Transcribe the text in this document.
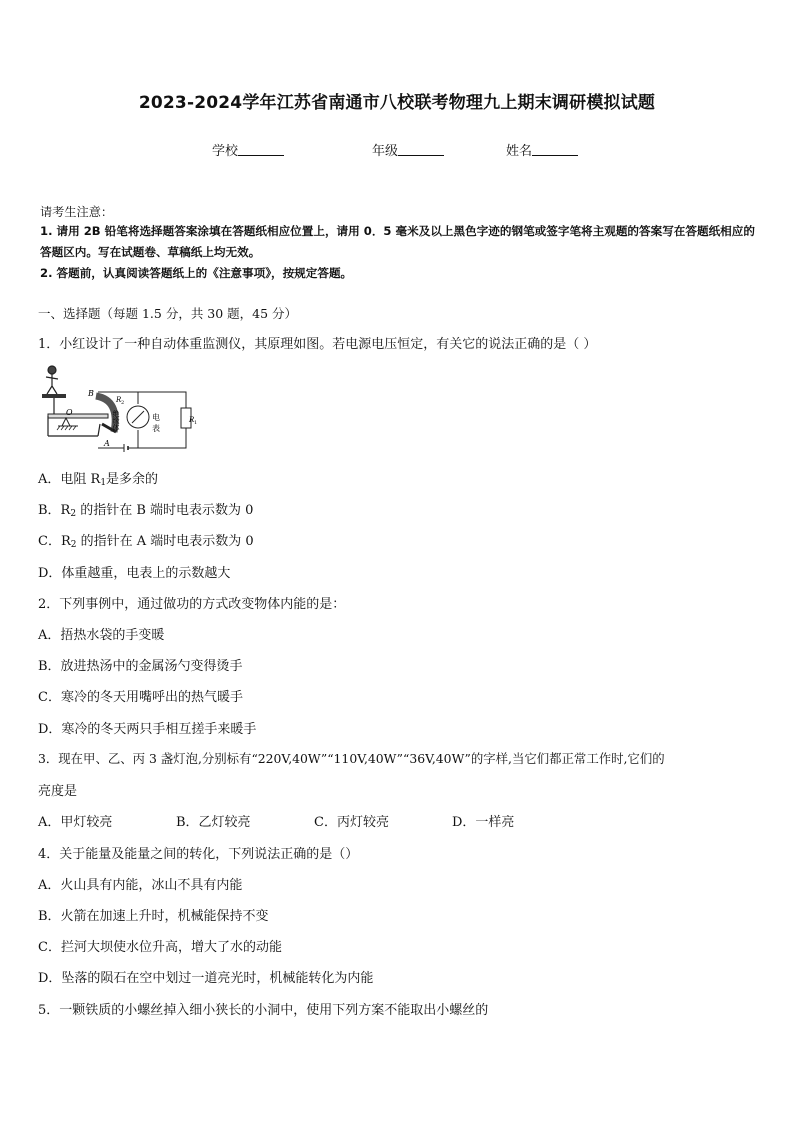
2023-2024学年江苏省南通市八校联考物理九上期末调研模拟试题
学校	年级	姓名
请考生注意：
1. 请用 2B 铅笔将选择题答案涂填在答题纸相应位置上，请用 0．5 毫米及以上黑色字迹的钢笔或签字笔将主观题的答案写在答题纸相应的答题区内。写在试题卷、草稿纸上均无效。
2. 答题前，认真阅读答题纸上的《注意事项》，按规定答题。
一、选择题（每题 1.5 分，共 30 题，45 分）
1．小红设计了一种自动体重监测仪，其原理如图。若电源电压恒定，有关它的说法正确的是（ ）
B
O
A
R 2
绝缘体	电
表
R 1
A．电阻 $R_1$是多余的
B．$R_2$ 的指针在 B 端时电表示数为 0
C．$R_2$ 的指针在 A 端时电表示数为 0
D．体重越重，电表上的示数越大
2．下列事例中，通过做功的方式改变物体内能的是：
A．捂热水袋的手变暖
B．放进热汤中的金属汤勺变得烫手
C．寒冷的冬天用嘴呼出的热气暖手
D．寒冷的冬天两只手相互搓手来暖手
3．现在甲、乙、丙 3 盏灯泡,分别标有“220V,40W”“110V,40W”“36V,40W”的字样,当它们都正常工作时,它们的
亮度是
A．甲灯较亮	B．乙灯较亮	C．丙灯较亮	D．一样亮
4．关于能量及能量之间的转化，下列说法正确的是（）
A．火山具有内能，冰山不具有内能
B．火箭在加速上升时，机械能保持不变
C．拦河大坝使水位升高，增大了水的动能
D．坠落的陨石在空中划过一道亮光时，机械能转化为内能
5．一颗铁质的小螺丝掉入细小狭长的小洞中，使用下列方案不能取出小螺丝的
